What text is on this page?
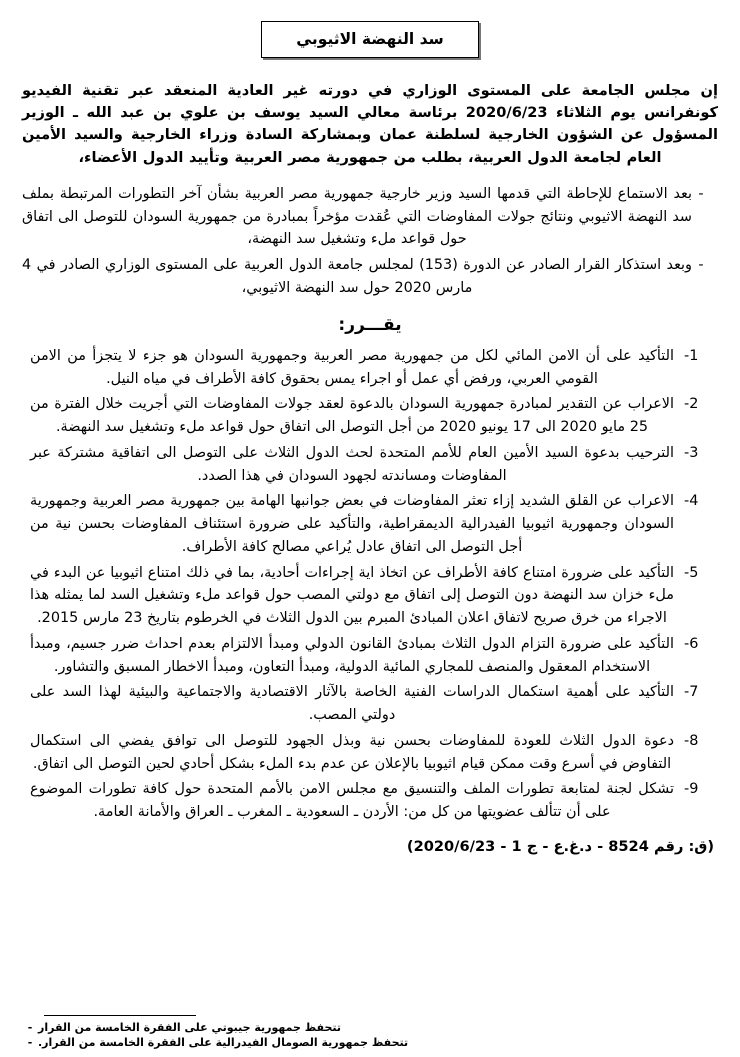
سد النهضة الاثيوبي

إن مجلس الجامعة على المستوى الوزاري في دورته غير العادية المنعقد عبر تقنية الفيديو كونفرانس يوم الثلاثاء 2020/6/23 برئاسة معالي السيد يوسف بن علوي بن عبد الله ـ الوزير المسؤول عن الشؤون الخارجية لسلطنة عمان وبمشاركة السادة وزراء الخارجية والسيد الأمين العام لجامعة الدول العربية، بطلب من جمهورية مصر العربية وتأييد الدول الأعضاء،

-
بعد الاستماع للإحاطة التي قدمها السيد وزير خارجية جمهورية مصر العربية بشأن آخر التطورات المرتبطة بملف سد النهضة الاثيوبي ونتائج جولات المفاوضات التي عُقدت مؤخراً بمبادرة من جمهورية السودان للتوصل الى اتفاق حول قواعد ملء وتشغيل سد النهضة،
-
وبعد استذكار القرار الصادر عن الدورة (153) لمجلس جامعة الدول العربية على المستوى الوزاري الصادر في 4 مارس 2020 حول سد النهضة الاثيوبي،
يقـــرر:
-1
التأكيد على أن الامن المائي لكل من جمهورية مصر العربية وجمهورية السودان هو جزء لا يتجزأ من الامن القومي العربي، ورفض أي عمل أو اجراء يمس بحقوق كافة الأطراف في مياه النيل.
-2
الاعراب عن التقدير لمبادرة جمهورية السودان بالدعوة لعقد جولات المفاوضات التي أجريت خلال الفترة من 25 مايو 2020 الى 17 يونيو 2020 من أجل التوصل الى اتفاق حول قواعد ملء وتشغيل سد النهضة.
-3
الترحيب بدعوة السيد الأمين العام للأمم المتحدة لحث الدول الثلاث على التوصل الى اتفاقية مشتركة عبر المفاوضات ومساندته لجهود السودان في هذا الصدد.
-4
الاعراب عن القلق الشديد إزاء تعثر المفاوضات في بعض جوانبها الهامة بين جمهورية مصر العربية وجمهورية السودان وجمهورية اثيوبيا الفيدرالية الديمقراطية، والتأكيد على ضرورة استئناف المفاوضات بحسن نية من أجل التوصل الى اتفاق عادل يُراعي مصالح كافة الأطراف.
-5
التأكيد على ضرورة امتناع كافة الأطراف عن اتخاذ اية إجراءات أحادية، بما في ذلك امتناع اثيوبيا عن البدء في ملء خزان سد النهضة دون التوصل إلى اتفاق مع دولتي المصب حول قواعد ملء وتشغيل السد لما يمثله هذا الاجراء من خرق صريح لاتفاق اعلان المبادئ المبرم بين الدول الثلاث في الخرطوم بتاريخ 23 مارس 2015.
-6
التأكيد على ضرورة التزام الدول الثلاث بمبادئ القانون الدولي ومبدأ الالتزام بعدم احداث ضرر جسيم، ومبدأ الاستخدام المعقول والمنصف للمجاري المائية الدولية، ومبدأ التعاون، ومبدأ الاخطار المسبق والتشاور.
-7
التأكيد على أهمية استكمال الدراسات الفنية الخاصة بالآثار الاقتصادية والاجتماعية والبيئية لهذا السد على دولتي المصب.
-8
دعوة الدول الثلاث للعودة للمفاوضات بحسن نية وبذل الجهود للتوصل الى توافق يفضي الى استكمال التفاوض في أسرع وقت ممكن قيام اثيوبيا بالإعلان عن عدم بدء الملء بشكل أحادي لحين التوصل الى اتفاق.
-9
تشكل لجنة لمتابعة تطورات الملف والتنسيق مع مجلس الامن بالأمم المتحدة حول كافة تطورات الموضوع على أن تتألف عضويتها من كل من: الأردن ـ السعودية ـ المغرب ـ العراق والأمانة العامة.
(ق: رقم 8524 - د.غ.ع - ج 1 - 2020/6/23)
تتحفظ جمهورية جيبوتي على الفقرة الخامسة من القرار
-
تتحفظ جمهورية الصومال الفيدرالية على الفقرة الخامسة من القرار.
-
